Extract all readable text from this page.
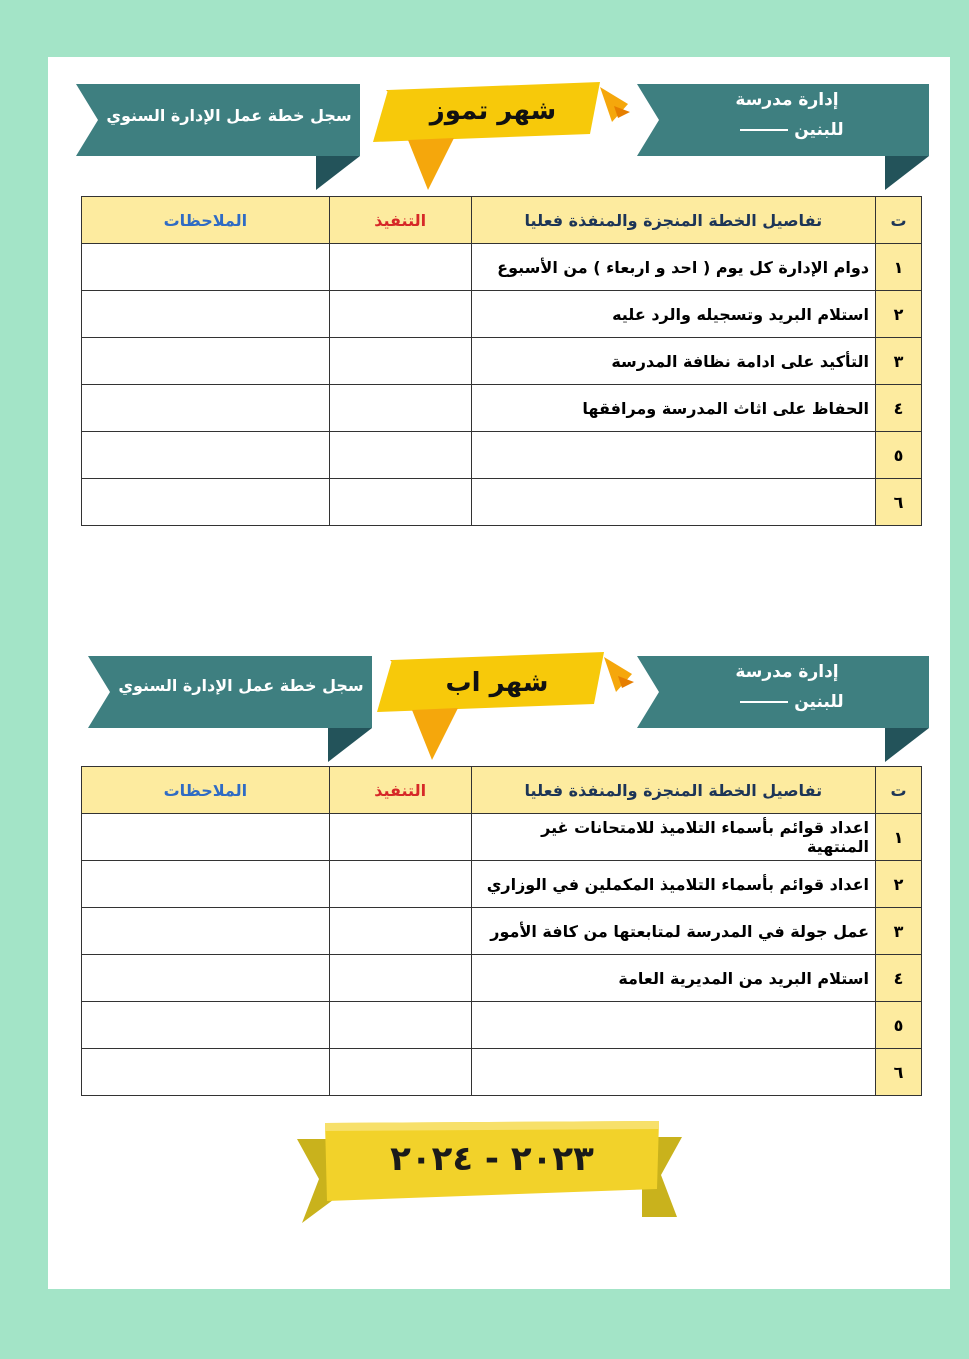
إدارة مدرسة
للبنين
شهر تموز
سجل خطة عمل الإدارة السنوي
ت	تفاصيل الخطة المنجزة والمنفذة فعليا	التنفيذ	الملاحظات
١	دوام الإدارة كل يوم ( احد و اربعاء ) من الأسبوع		
٢	استلام البريد وتسجيله والرد عليه		
٣	التأكيد على ادامة نظافة المدرسة		
٤	الحفاظ على اثاث المدرسة ومرافقها		
٥			
٦			
إدارة مدرسة
للبنين
شهر اب
سجل خطة عمل الإدارة السنوي
ت	تفاصيل الخطة المنجزة والمنفذة فعليا	التنفيذ	الملاحظات
١	اعداد قوائم بأسماء التلاميذ للامتحانات غير المنتهية		
٢	اعداد قوائم بأسماء التلاميذ المكملين في الوزاري		
٣	عمل جولة في المدرسة لمتابعتها من كافة الأمور		
٤	استلام البريد من المديرية العامة		
٥			
٦			
٢٠٢٣ - ٢٠٢٤
